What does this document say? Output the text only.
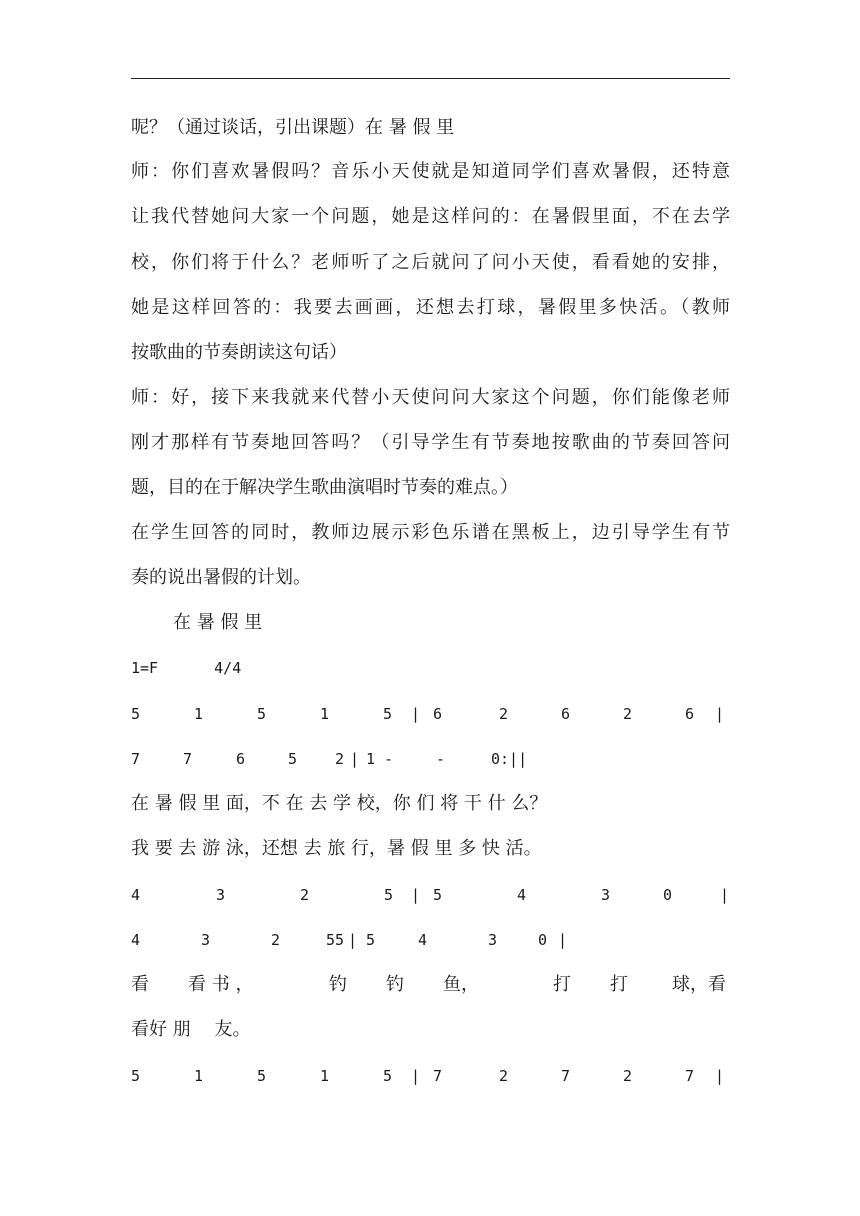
呢？（通过谈话，引出课题）在 暑 假 里
师：你们喜欢暑假吗？音乐小天使就是知道同学们喜欢暑假，还特意
让我代替她问大家一个问题，她是这样问的：在暑假里面，不在去学
校，你们将于什么？老师听了之后就问了问小天使，看看她的安排，
她是这样回答的：我要去画画，还想去打球，暑假里多快活。（教师
按歌曲的节奏朗读这句话）
师：好，接下来我就来代替小天使问问大家这个问题，你们能像老师
刚才那样有节奏地回答吗？（引导学生有节奏地按歌曲的节奏回答问
题，目的在于解决学生歌曲演唱时节奏的难点。）
在学生回答的同时，教师边展示彩色乐谱在黑板上，边引导学生有节
奏的说出暑假的计划。
在 暑 假 里
1=F	4/4
5	1	5	1	5	| 6	2	6	2	6	|
7	7	6	5	2 | 1 -	-	0:||
在 暑 假 里 面，不 在 去 学 校，你 们 将 干 什 么？
我 要 去 游 泳，还想 去 旅 行，暑 假 里 多 快 活。
4	3	2	5	| 5	4	3	0	|
4	3	2	55 | 5	4	3	0 |
看	看 书 ，	钓	钓	鱼，	打	打	球，看
看好 朋　 友。
5	1	5	1	5	| 7	2	7	2	7	|
